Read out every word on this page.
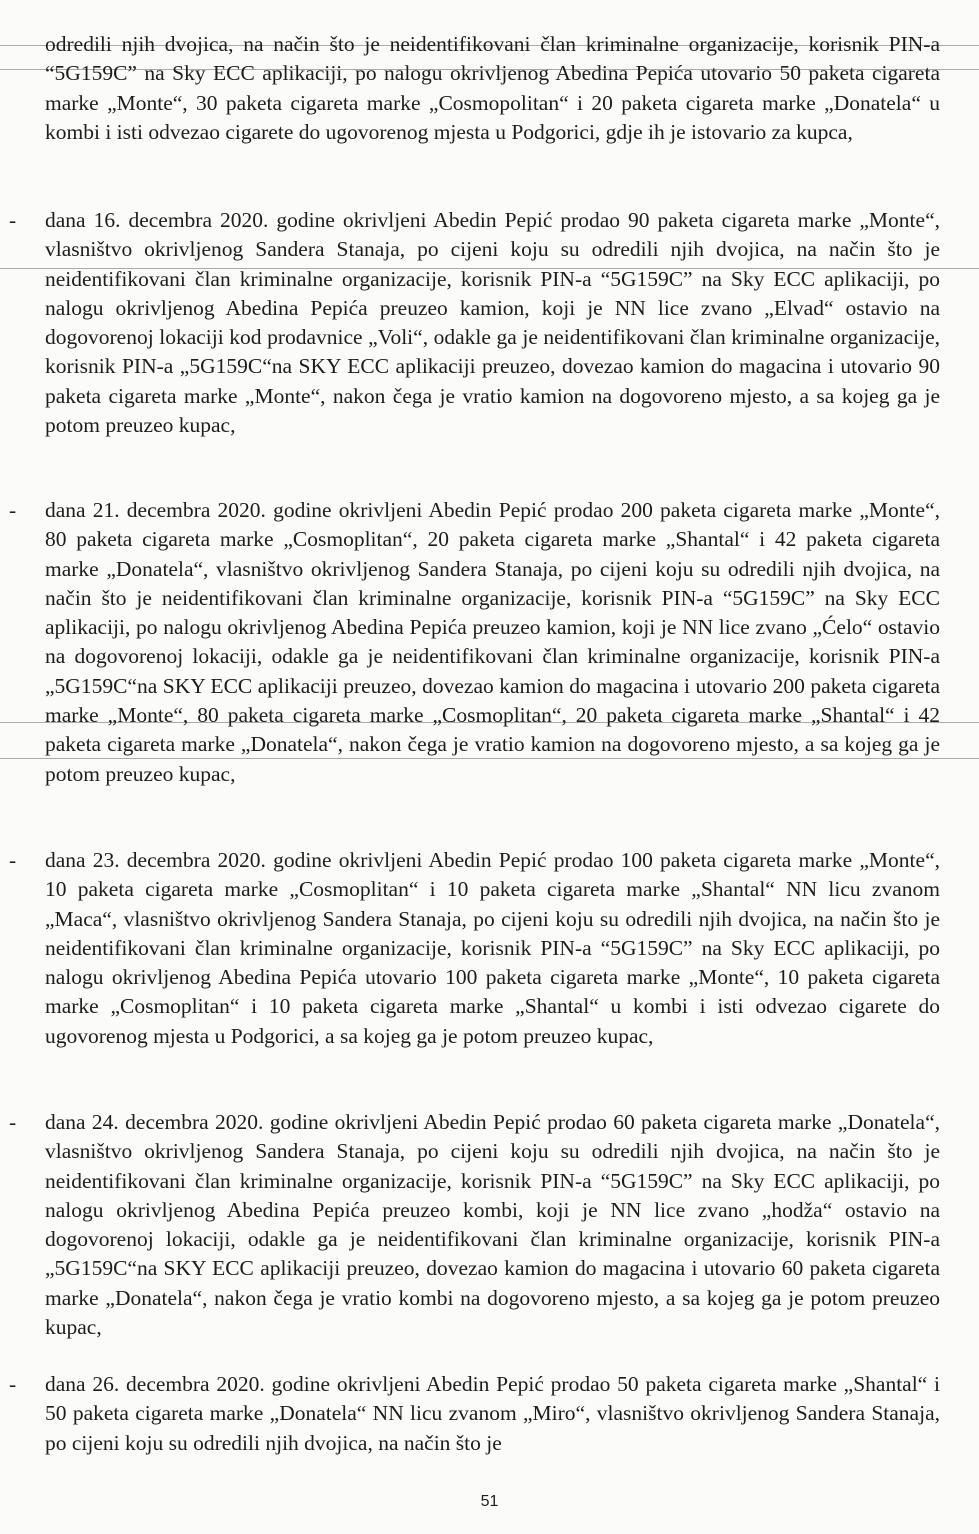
odredili njih dvojica, na način što je neidentifikovani član kriminalne organizacije, korisnik PIN-a “5G159C” na Sky ECC aplikaciji, po nalogu okrivljenog Abedina Pepića utovario 50 paketa cigareta marke „Monte“, 30 paketa cigareta marke „Cosmopolitan“ i 20 paketa cigareta marke „Donatela“ u kombi i isti odvezao cigarete do ugovorenog mjesta u Podgorici, gdje ih je istovario za kupca,

- dana 16. decembra 2020. godine okrivljeni Abedin Pepić prodao 90 paketa cigareta marke „Monte“, vlasništvo okrivljenog Sandera Stanaja, po cijeni koju su odredili njih dvojica, na način što je neidentifikovani član kriminalne organizacije, korisnik PIN-a “5G159C” na Sky ECC aplikaciji, po nalogu okrivljenog Abedina Pepića preuzeo kamion, koji je NN lice zvano „Elvad“ ostavio na dogovorenoj lokaciji kod prodavnice „Voli“, odakle ga je neidentifikovani član kriminalne organizacije, korisnik PIN-a „5G159C“na SKY ECC aplikaciji preuzeo, dovezao kamion do magacina i utovario 90 paketa cigareta marke „Monte“, nakon čega je vratio kamion na dogovoreno mjesto, a sa kojeg ga je potom preuzeo kupac,

- dana 21. decembra 2020. godine okrivljeni Abedin Pepić prodao 200 paketa cigareta marke „Monte“, 80 paketa cigareta marke „Cosmoplitan“, 20 paketa cigareta marke „Shantal“ i 42 paketa cigareta marke „Donatela“, vlasništvo okrivljenog Sandera Stanaja, po cijeni koju su odredili njih dvojica, na način što je neidentifikovani član kriminalne organizacije, korisnik PIN-a “5G159C” na Sky ECC aplikaciji, po nalogu okrivljenog Abedina Pepića preuzeo kamion, koji je NN lice zvano „Ćelo“ ostavio na dogovorenoj lokaciji, odakle ga je neidentifikovani član kriminalne organizacije, korisnik PIN-a „5G159C“na SKY ECC aplikaciji preuzeo, dovezao kamion do magacina i utovario 200 paketa cigareta marke „Monte“, 80 paketa cigareta marke „Cosmoplitan“, 20 paketa cigareta marke „Shantal“ i 42 paketa cigareta marke „Donatela“, nakon čega je vratio kamion na dogovoreno mjesto, a sa kojeg ga je potom preuzeo kupac,

- dana 23. decembra 2020. godine okrivljeni Abedin Pepić prodao 100 paketa cigareta marke „Monte“, 10 paketa cigareta marke „Cosmoplitan“ i 10 paketa cigareta marke „Shantal“ NN licu zvanom „Maca“, vlasništvo okrivljenog Sandera Stanaja, po cijeni koju su odredili njih dvojica, na način što je neidentifikovani član kriminalne organizacije, korisnik PIN-a “5G159C” na Sky ECC aplikaciji, po nalogu okrivljenog Abedina Pepića utovario 100 paketa cigareta marke „Monte“, 10 paketa cigareta marke „Cosmoplitan“ i 10 paketa cigareta marke „Shantal“ u kombi i isti odvezao cigarete do ugovorenog mjesta u Podgorici, a sa kojeg ga je potom preuzeo kupac,

- dana 24. decembra 2020. godine okrivljeni Abedin Pepić prodao 60 paketa cigareta marke „Donatela“, vlasništvo okrivljenog Sandera Stanaja, po cijeni koju su odredili njih dvojica, na način što je neidentifikovani član kriminalne organizacije, korisnik PIN-a “5G159C” na Sky ECC aplikaciji, po nalogu okrivljenog Abedina Pepića preuzeo kombi, koji je NN lice zvano „hodža“ ostavio na dogovorenoj lokaciji, odakle ga je neidentifikovani član kriminalne organizacije, korisnik PIN-a „5G159C“na SKY ECC aplikaciji preuzeo, dovezao kamion do magacina i utovario 60 paketa cigareta marke „Donatela“, nakon čega je vratio kombi na dogovoreno mjesto, a sa kojeg ga je potom preuzeo kupac,

- dana 26. decembra 2020. godine okrivljeni Abedin Pepić prodao 50 paketa cigareta marke „Shantal“ i 50 paketa cigareta marke „Donatela“ NN licu zvanom „Miro“, vlasništvo okrivljenog Sandera Stanaja, po cijeni koju su odredili njih dvojica, na način što je

51
